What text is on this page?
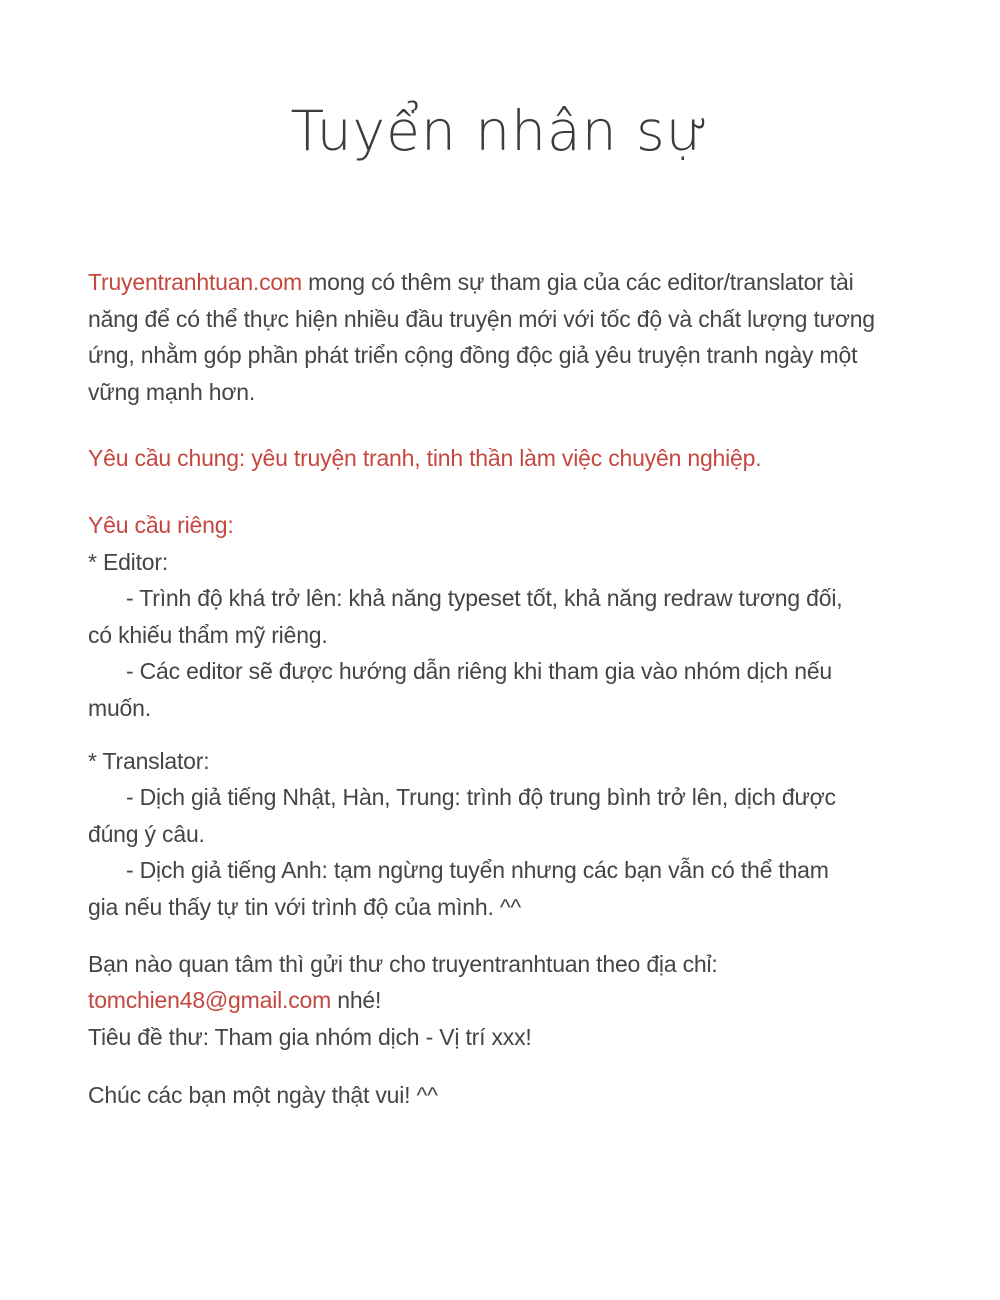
Tuyển nhân sự
Truyentranhtuan.com mong có thêm sự tham gia của các editor/translator tài
năng để có thể thực hiện nhiều đầu truyện mới với tốc độ và chất lượng tương
ứng, nhằm góp phần phát triển cộng đồng độc giả yêu truyện tranh ngày một
vững mạnh hơn.
Yêu cầu chung: yêu truyện tranh, tinh thần làm việc chuyên nghiệp.
Yêu cầu riêng:
* Editor:
- Trình độ khá trở lên: khả năng typeset tốt, khả năng redraw tương đối,
có khiếu thẩm mỹ riêng.
- Các editor sẽ được hướng dẫn riêng khi tham gia vào nhóm dịch nếu
muốn.
* Translator:
- Dịch giả tiếng Nhật, Hàn, Trung: trình độ trung bình trở lên, dịch được
đúng ý câu.
- Dịch giả tiếng Anh: tạm ngừng tuyển nhưng các bạn vẫn có thể tham
gia nếu thấy tự tin với trình độ của mình. ^^
Bạn nào quan tâm thì gửi thư cho truyentranhtuan theo địa chỉ:
tomchien48@gmail.com nhé!
Tiêu đề thư: Tham gia nhóm dịch - Vị trí xxx!
Chúc các bạn một ngày thật vui! ^^
